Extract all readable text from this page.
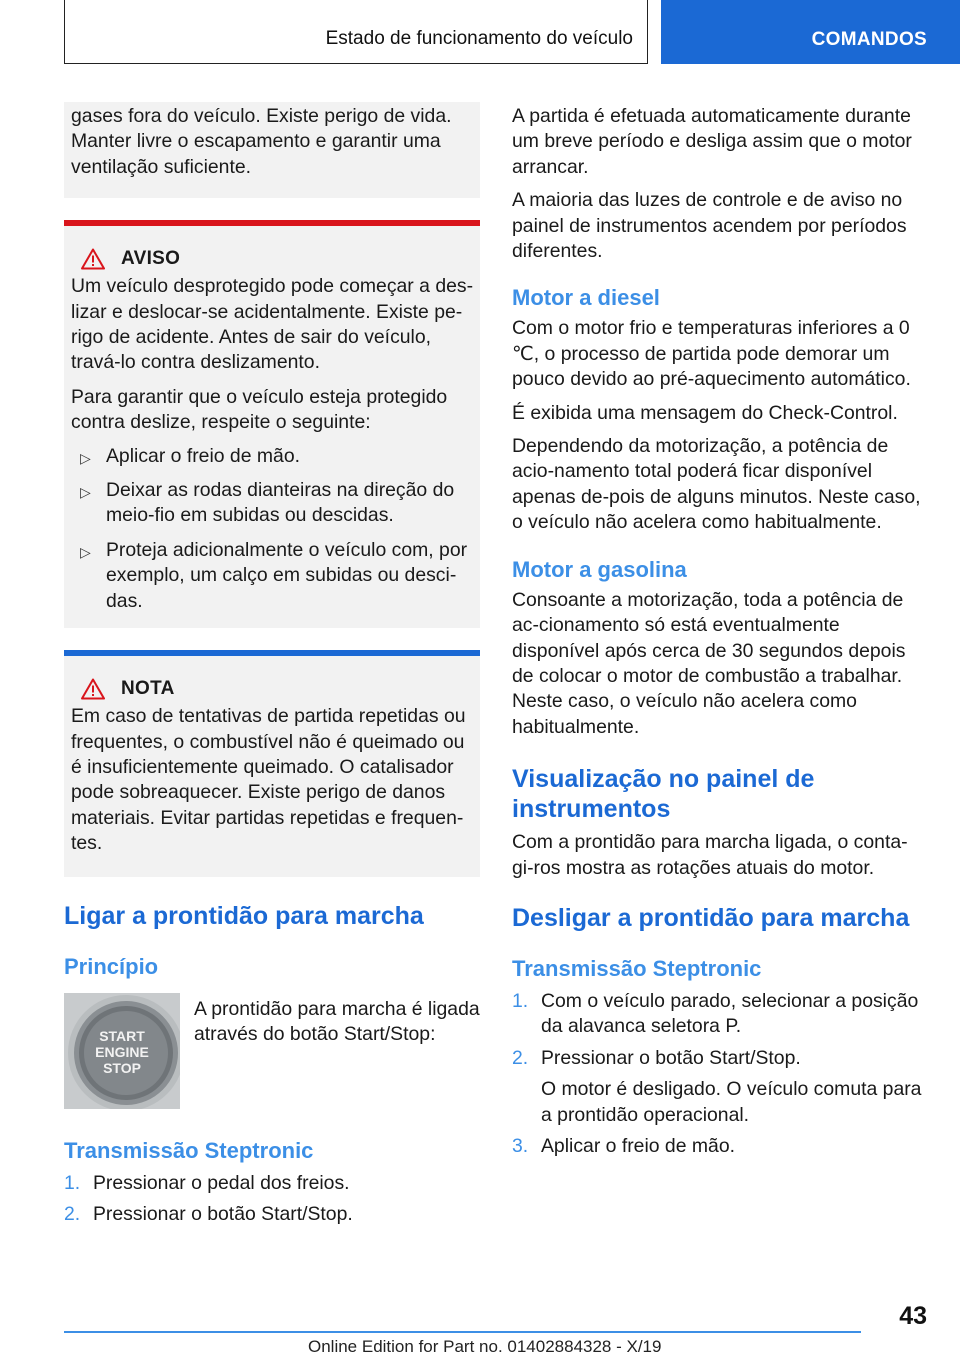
Estado de funcionamento do veículo	COMANDOS

gases fora do veículo. Existe perigo de vida. Manter livre o escapamento e garantir uma ventilação suficiente.

AVISO

Um veículo desprotegido pode começar a des-lizar e deslocar-se acidentalmente. Existe pe-rigo de acidente. Antes de sair do veículo, travá-lo contra deslizamento.

Para garantir que o veículo esteja protegido contra deslize, respeite o seguinte:

▷ Aplicar o freio de mão.
▷ Deixar as rodas dianteiras na direção do meio-fio em subidas ou descidas.
▷ Proteja adicionalmente o veículo com, por exemplo, um calço em subidas ou desci-das.
NOTA

Em caso de tentativas de partida repetidas ou frequentes, o combustível não é queimado ou é insuficientemente queimado. O catalisador pode sobreaquecer. Existe perigo de danos materiais. Evitar partidas repetidas e frequen-tes.

Ligar a prontidão para marcha
Princípio
START
ENGINE
STOP

A prontidão para marcha é ligada através do botão Start/Stop:

Transmissão Steptronic
1. Pressionar o pedal dos freios.
2. Pressionar o botão Start/Stop.

A partida é efetuada automaticamente durante um breve período e desliga assim que o motor arrancar.

A maioria das luzes de controle e de aviso no painel de instrumentos acendem por períodos diferentes.

Motor a diesel

Com o motor frio e temperaturas inferiores a 0 ℃, o processo de partida pode demorar um pouco devido ao pré-aquecimento automático.

É exibida uma mensagem do Check-Control.

Dependendo da motorização, a potência de acio-namento total poderá ficar disponível apenas de-pois de alguns minutos. Neste caso, o veículo não acelera como habitualmente.

Motor a gasolina

Consoante a motorização, toda a potência de ac-cionamento só está eventualmente disponível após cerca de 30 segundos depois de colocar o motor de combustão a trabalhar. Neste caso, o veículo não acelera como habitualmente.

Visualização no painel de instrumentos

Com a prontidão para marcha ligada, o conta-gi-ros mostra as rotações atuais do motor.

Desligar a prontidão para marcha
Transmissão Steptronic
1. Com o veículo parado, selecionar a posição da alavanca seletora P.
2. Pressionar o botão Start/Stop.
O motor é desligado. O veículo comuta para a prontidão operacional.
3. Aplicar o freio de mão.
43
Online Edition for Part no. 01402884328 - X/19
